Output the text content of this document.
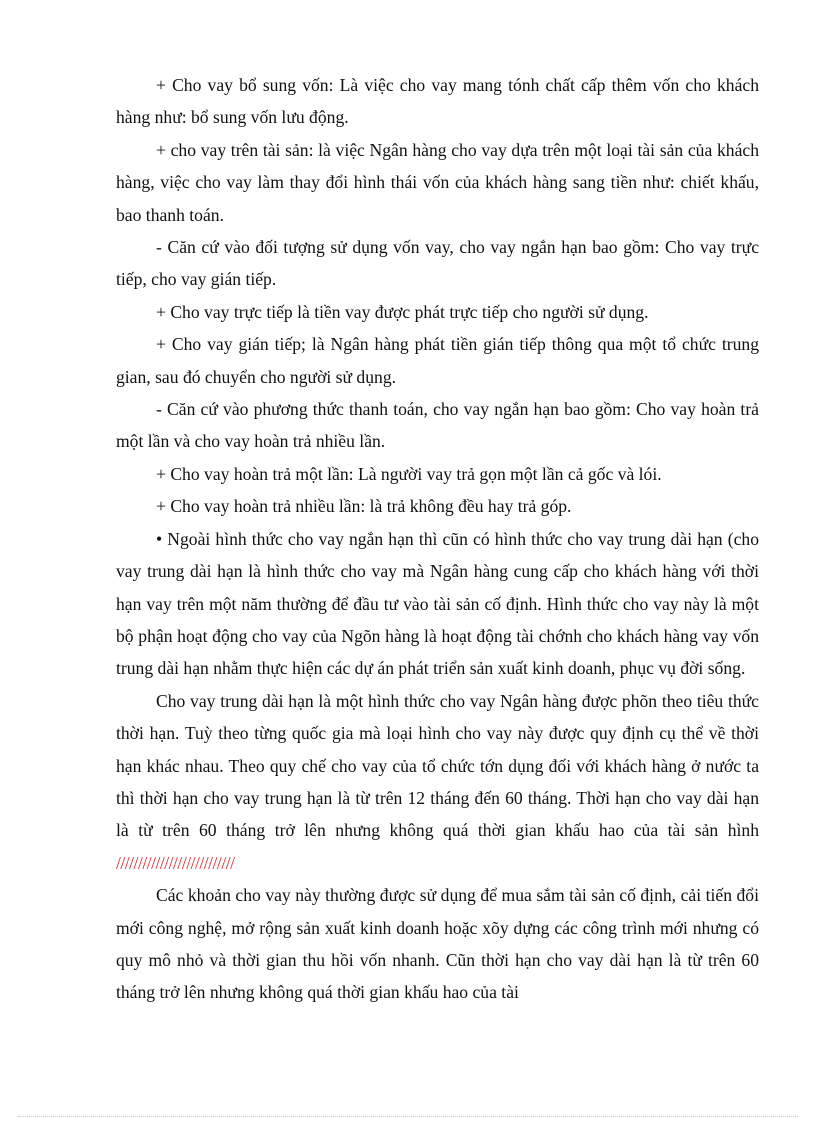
+ Cho vay bổ sung vốn: Là việc cho vay mang tónh chất cấp thêm vốn cho khách hàng như: bổ sung vốn lưu động.

+ cho vay trên tài sản: là việc Ngân hàng cho vay dựa trên một loại tài sản của khách hàng, việc cho vay làm thay đổi hình thái vốn của khách hàng sang tiền như: chiết khấu, bao thanh toán.

- Căn cứ vào đối tượng sử dụng vốn vay, cho vay ngắn hạn bao gồm: Cho vay trực tiếp, cho vay gián tiếp.

+ Cho vay trực tiếp là tiền vay được phát trực tiếp cho người sử dụng.

+ Cho vay gián tiếp; là Ngân hàng phát tiền gián tiếp thông qua một tổ chức trung gian, sau đó chuyển cho người sử dụng.

- Căn cứ vào phương thức thanh toán, cho vay ngắn hạn bao gồm: Cho vay hoàn trả một lần và cho vay hoàn trả nhiều lần.

+ Cho vay hoàn trả một lần: Là người vay trả gọn một lần cả gốc và lói.

+ Cho vay hoàn trả nhiều lần: là trả không đều hay trả góp.

• Ngoài hình thức cho vay ngắn hạn thì cũn có hình thức cho vay trung dài hạn (cho vay trung dài hạn là hình thức cho vay mà Ngân hàng cung cấp cho khách hàng với thời hạn vay trên một năm thường để đầu tư vào tài sản cố định. Hình thức cho vay này là một bộ phận hoạt động cho vay của Ngõn hàng là hoạt động tài chớnh cho khách hàng vay vốn trung dài hạn nhằm thực hiện các dự án phát triển sản xuất kinh doanh, phục vụ đời sống.

Cho vay trung dài hạn là một hình thức cho vay Ngân hàng được phõn theo tiêu thức thời hạn. Tuỳ theo từng quốc gia mà loại hình cho vay này được quy định cụ thể về thời hạn khác nhau. Theo quy chế cho vay của tổ chức tớn dụng đối với khách hàng ở nước ta thì thời hạn cho vay trung hạn là từ trên 12 tháng đến 60 tháng. Thời hạn cho vay dài hạn là từ trên 60 tháng trở lên nhưng không quá thời gian khấu hao của tài sản hình ///////////////////////////

Các khoản cho vay này thường được sử dụng để mua sắm tài sản cố định, cải tiến đổi mới công nghệ, mở rộng sản xuất kinh doanh hoặc xõy dựng các công trình mới nhưng có quy mô nhỏ và thời gian thu hồi vốn nhanh. Cũn thời hạn cho vay dài hạn là từ trên 60 tháng trở lên nhưng không quá thời gian khấu hao của tài
